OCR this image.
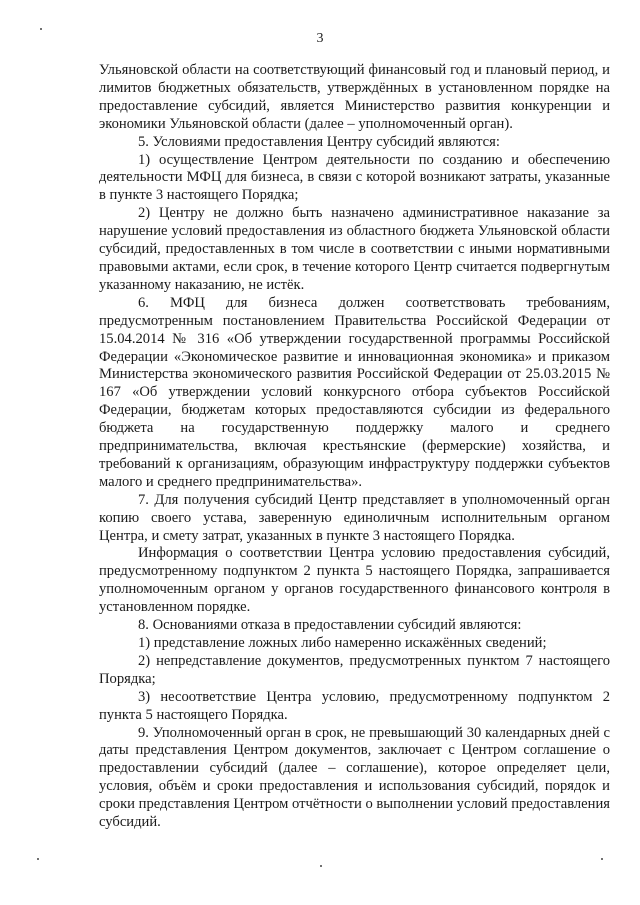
3

Ульяновской области на соответствующий финансовый год и плановый период, и лимитов бюджетных обязательств, утверждённых в установленном порядке на предоставление субсидий, является Министерство развития конкуренции и экономики Ульяновской области (далее – уполномоченный орган).

5. Условиями предоставления Центру субсидий являются:

1) осуществление Центром деятельности по созданию и обеспечению деятельности МФЦ для бизнеса, в связи с которой возникают затраты, указанные в пункте 3 настоящего Порядка;

2) Центру не должно быть назначено административное наказание за нарушение условий предоставления из областного бюджета Ульяновской области субсидий, предоставленных в том числе в соответствии с иными нормативными правовыми актами, если срок, в течение которого Центр считается подвергнутым указанному наказанию, не истёк.

6. МФЦ для бизнеса должен соответствовать требованиям, предусмотренным постановлением Правительства Российской Федерации от 15.04.2014 № 316 «Об утверждении государственной программы Российской Федерации «Экономическое развитие и инновационная экономика» и приказом Министерства экономического развития Российской Федерации от 25.03.2015 № 167 «Об утверждении условий конкурсного отбора субъектов Российской Федерации, бюджетам которых предоставляются субсидии из федерального бюджета на государственную поддержку малого и среднего предпринимательства, включая крестьянские (фермерские) хозяйства, и требований к организациям, образующим инфраструктуру поддержки субъектов малого и среднего предпринимательства».

7. Для получения субсидий Центр представляет в уполномоченный орган копию своего устава, заверенную единоличным исполнительным органом Центра, и смету затрат, указанных в пункте 3 настоящего Порядка.

Информация о соответствии Центра условию предоставления субсидий, предусмотренному подпунктом 2 пункта 5 настоящего Порядка, запрашивается уполномоченным органом у органов государственного финансового контроля в установленном порядке.

8. Основаниями отказа в предоставлении субсидий являются:

1) представление ложных либо намеренно искажённых сведений;

2) непредставление документов, предусмотренных пунктом 7 настоящего Порядка;

3) несоответствие Центра условию, предусмотренному подпунктом 2 пункта 5 настоящего Порядка.

9. Уполномоченный орган в срок, не превышающий 30 календарных дней с даты представления Центром документов, заключает с Центром соглашение о предоставлении субсидий (далее – соглашение), которое определяет цели, условия, объём и сроки предоставления и использования субсидий, порядок и сроки представления Центром отчётности о выполнении условий предоставления субсидий.
